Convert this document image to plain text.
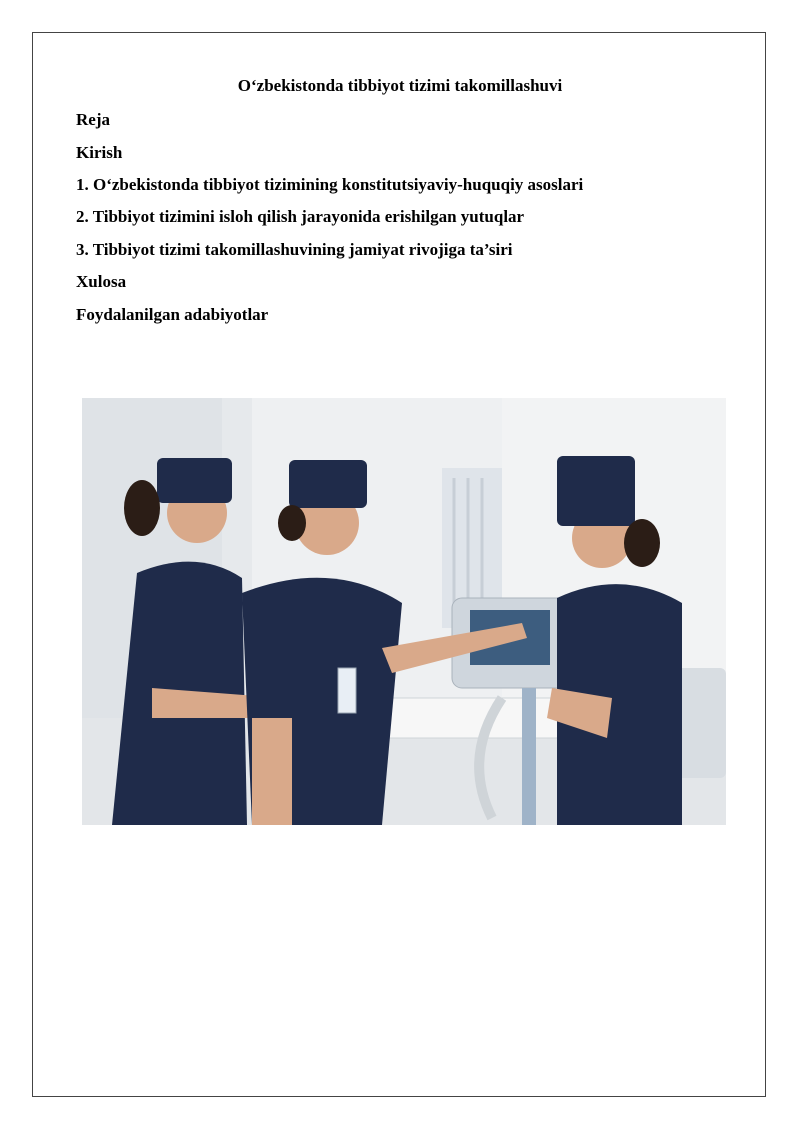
O‘zbekistonda tibbiyot tizimi takomillashuvi
Reja
Kirish
1. O‘zbekistonda tibbiyot tizimining konstitutsiyaviy-huquqiy asoslari
2. Tibbiyot tizimini isloh qilish jarayonida erishilgan yutuqlar
3. Tibbiyot tizimi takomillashuvining jamiyat rivojiga ta’siri
Xulosa
Foydalanilgan adabiyotlar
